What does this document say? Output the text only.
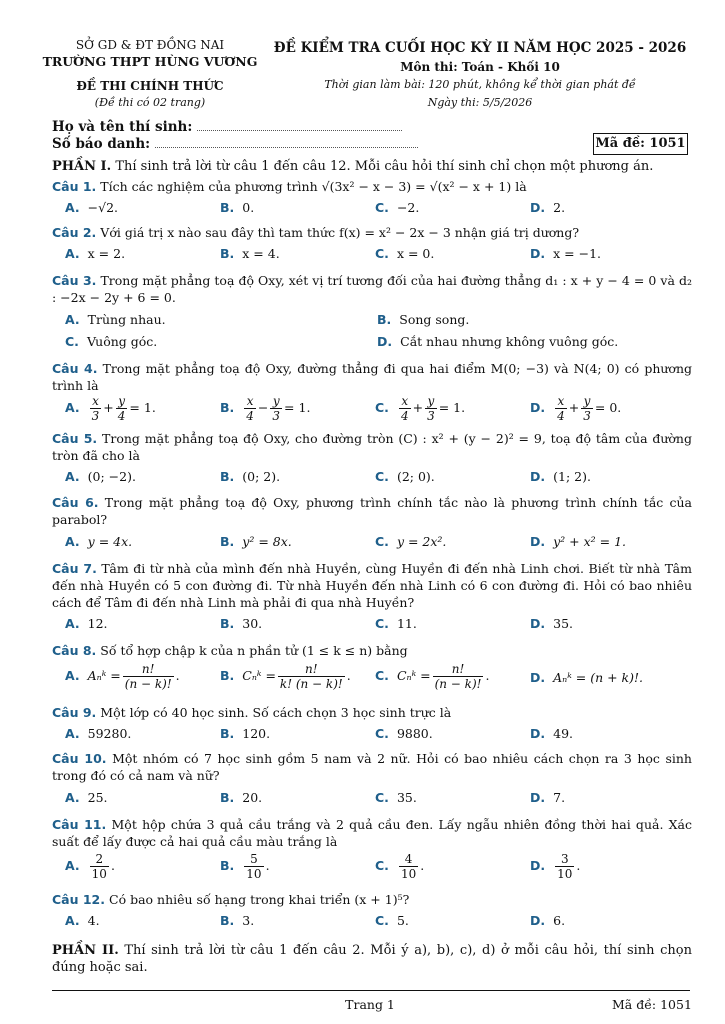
SỞ GD & ĐT ĐỒNG NAI
TRƯỜNG THPT HÙNG VƯƠNG
ĐỀ THI CHÍNH THỨC
(Đề thi có 02 trang)
ĐỀ KIỂM TRA CUỐI HỌC KỲ II NĂM HỌC 2025 - 2026
Môn thi: Toán - Khối 10
Thời gian làm bài: 120 phút, không kể thời gian phát đề
Ngày thi: 5/5/2026
Họ và tên thí sinh:
Số báo danh:	Mã đề: 1051
PHẦN I. Thí sinh trả lời từ câu 1 đến câu 12. Mỗi câu hỏi thí sinh chỉ chọn một phương án.
Câu 1. Tích các nghiệm của phương trình √(3x² − x − 3) = √(x² − x + 1) là
A. −√2.	B. 0.	C. −2.	D. 2.
Câu 2. Với giá trị x nào sau đây thì tam thức f(x) = x² − 2x − 3 nhận giá trị dương?
A. x = 2.	B. x = 4.	C. x = 0.	D. x = −1.
Câu 3. Trong mặt phẳng toạ độ Oxy, xét vị trí tương đối của hai đường thẳng d₁ : x + y − 4 = 0 và d₂ : −2x − 2y + 6 = 0.
A. Trùng nhau.	B. Song song.
C. Vuông góc.	D. Cắt nhau nhưng không vuông góc.
Câu 4. Trong mặt phẳng toạ độ Oxy, đường thẳng đi qua hai điểm M(0; −3) và N(4; 0) có phương trình là
A. $\frac{x}{3} + \frac{y}{4} = 1$.	B. $\frac{x}{4} - \frac{y}{3} = 1$.	C. $\frac{x}{4} + \frac{y}{3} = 1$.	D. $\frac{x}{4} + \frac{y}{3} = 0$.
Câu 5. Trong mặt phẳng toạ độ Oxy, cho đường tròn (C) : x² + (y − 2)² = 9, toạ độ tâm của đường tròn đã cho là
A. (0; −2).	B. (0; 2).	C. (2; 0).	D. (1; 2).
Câu 6. Trong mặt phẳng toạ độ Oxy, phương trình chính tắc nào là phương trình chính tắc của parabol?
A. y = 4x.	B. y² = 8x.	C. y = 2x².	D. y² + x² = 1.
Câu 7. Tâm đi từ nhà của mình đến nhà Huyền, cùng Huyền đi đến nhà Linh chơi. Biết từ nhà Tâm đến nhà Huyền có 5 con đường đi. Từ nhà Huyền đến nhà Linh có 6 con đường đi. Hỏi có bao nhiêu cách để Tâm đi đến nhà Linh mà phải đi qua nhà Huyền?
A. 12.	B. 30.	C. 11.	D. 35.
Câu 8. Số tổ hợp chập k của n phần tử (1 ≤ k ≤ n) bằng
A. Aₙᵏ = $\frac{n!}{(n - k)!}$ .	B. Cₙᵏ = $\frac{n!}{k! (n - k)!}$ . C. Cₙᵏ = $\frac{n!}{(n - k)!}$ .	D. Aₙᵏ = (n + k)!.
Câu 9. Một lớp có 40 học sinh. Số cách chọn 3 học sinh trực là
A. 59280.	B. 120.	C. 9880.	D. 49.
Câu 10. Một nhóm có 7 học sinh gồm 5 nam và 2 nữ. Hỏi có bao nhiêu cách chọn ra 3 học sinh trong đó có cả nam và nữ?
A. 25.	B. 20.	C. 35.	D. 7.
Câu 11. Một hộp chứa 3 quả cầu trắng và 2 quả cầu đen. Lấy ngẫu nhiên đồng thời hai quả. Xác suất để lấy được cả hai quả cầu màu trắng là
A. $\frac{2}{10}$ .	B. $\frac{5}{10}$ .	C. $\frac{4}{10}$ .	D. $\frac{3}{10}$ .
Câu 12. Có bao nhiêu số hạng trong khai triển (x + 1)⁵?
A. 4.	B. 3.	C. 5.	D. 6.
PHẦN II. Thí sinh trả lời từ câu 1 đến câu 2. Mỗi ý a), b), c), d) ở mỗi câu hỏi, thí sinh chọn đúng hoặc sai.
Trang 1	Mã đề: 1051
